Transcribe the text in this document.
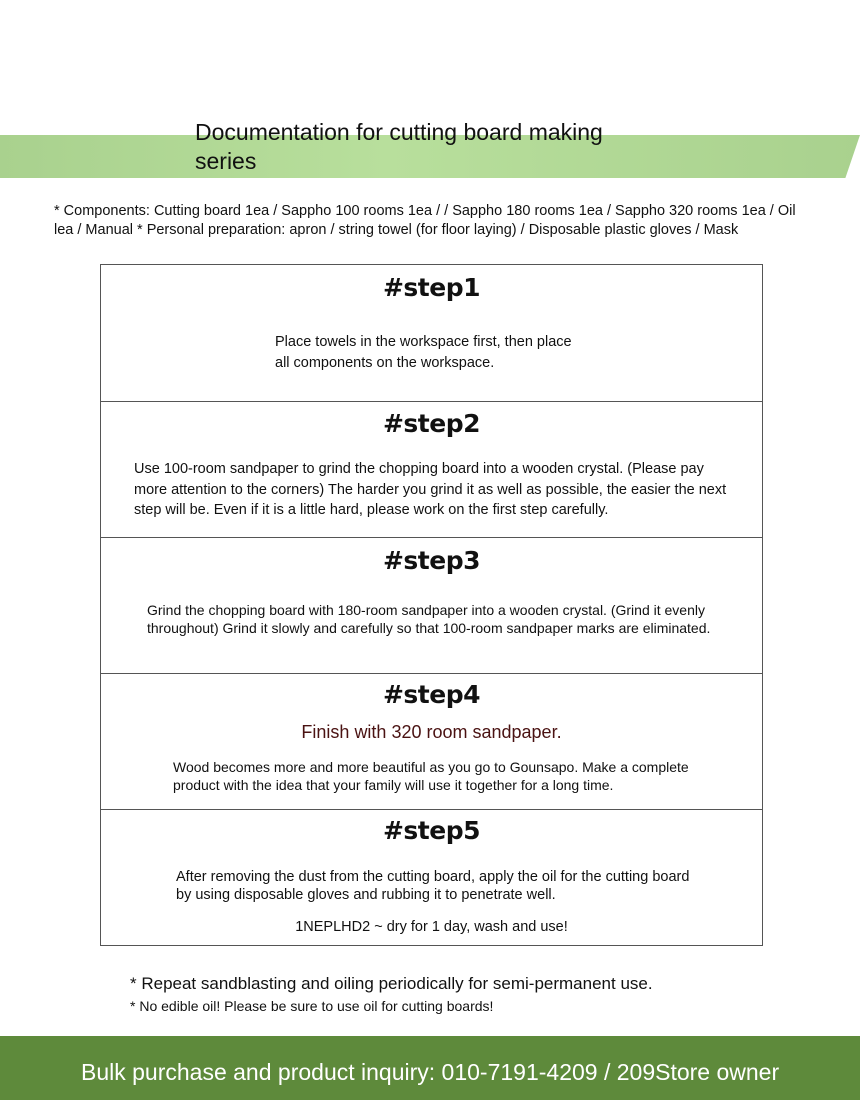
Documentation for cutting board making series
* Components: Cutting board 1ea / Sappho 100 rooms 1ea / / Sappho 180 rooms 1ea / Sappho 320 rooms 1ea / Oil lea / Manual * Personal preparation: apron / string towel (for floor laying) / Disposable plastic gloves / Mask
#step1
Place towels in the workspace first, then place all components on the workspace.
#step2
Use 100-room sandpaper to grind the chopping board into a wooden crystal. (Please pay more attention to the corners) The harder you grind it as well as possible, the easier the next step will be. Even if it is a little hard, please work on the first step carefully.
#step3
Grind the chopping board with 180-room sandpaper into a wooden crystal. (Grind it evenly throughout) Grind it slowly and carefully so that 100-room sandpaper marks are eliminated.
#step4
Finish with 320 room sandpaper.
Wood becomes more and more beautiful as you go to Gounsapo. Make a complete product with the idea that your family will use it together for a long time.
#step5
After removing the dust from the cutting board, apply the oil for the cutting board by using disposable gloves and rubbing it to penetrate well.
1NEPLHD2 ~ dry for 1 day, wash and use!
* Repeat sandblasting and oiling periodically for semi-permanent use.
* No edible oil! Please be sure to use oil for cutting boards!
Bulk purchase and product inquiry: 010-7191-4209 / 209Store owner
